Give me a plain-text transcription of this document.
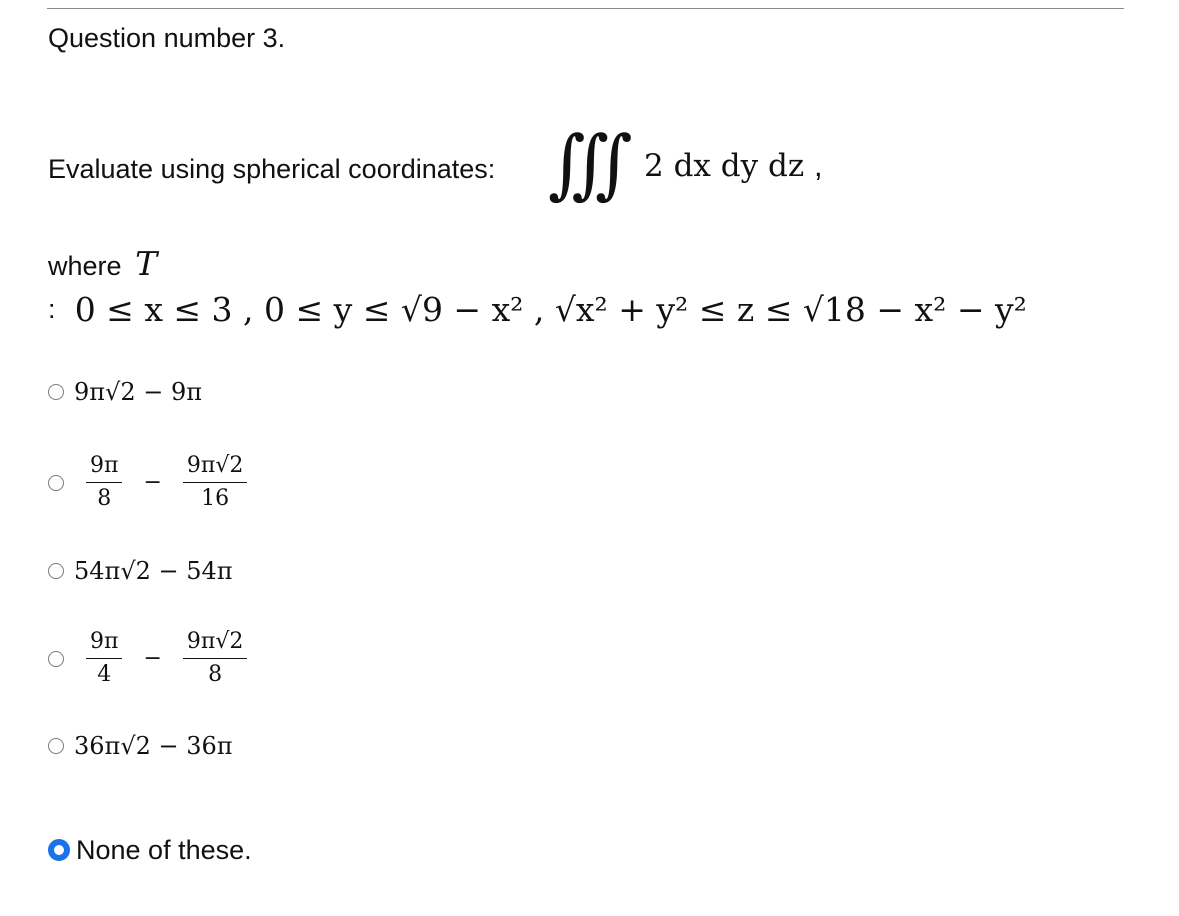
Question number 3.
Evaluate using spherical coordinates: ∫∫∫ 2 dx dy dz ,
where T
: 0 ≤ x ≤ 3 , 0 ≤ y ≤ √9 − x² , √x² + y² ≤ z ≤ √18 − x² − y²
9π√2 − 9π
$\frac{9\pi}{8} - \frac{9\pi√2}{16}$
54π√2 − 54π
$\frac{9\pi}{4} - \frac{9\pi√2}{8}$
36π√2 − 36π
None of these.
